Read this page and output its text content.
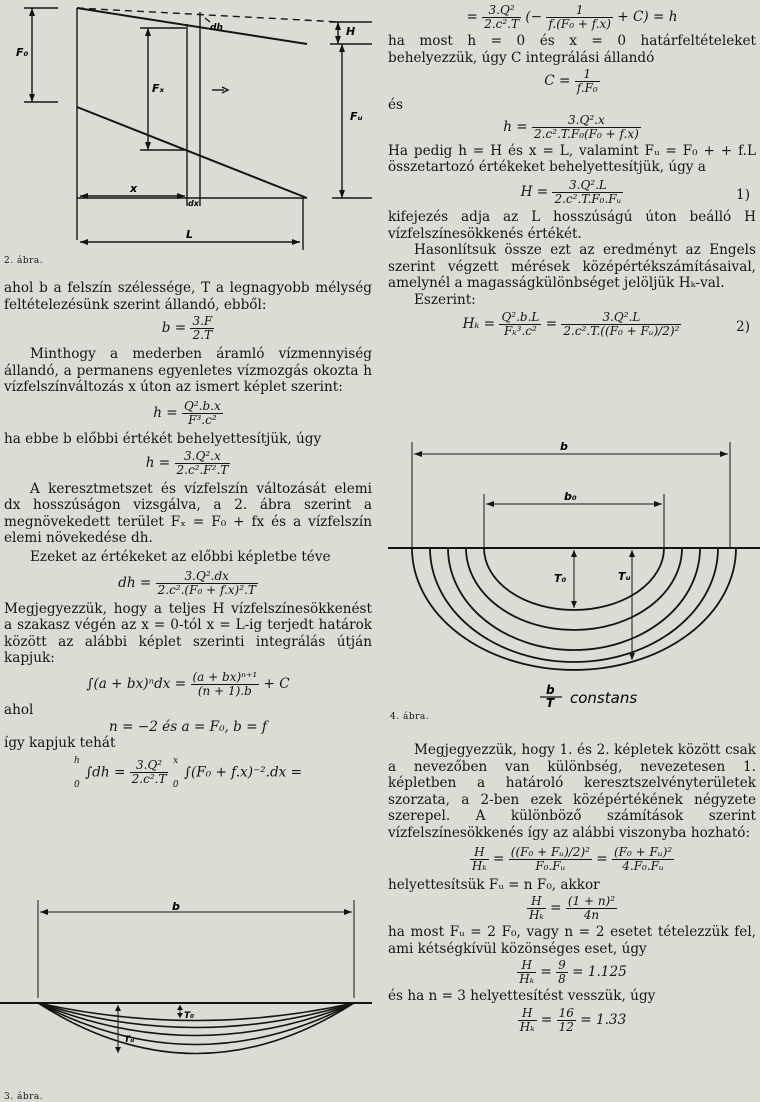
F₀
Fₓ
H
Fᵤ
x
dx
dh
L
2. ábra.

ahol b a felszín szélessége, T a legnagyobb mélység feltételezésünk szerint állandó, ebből:

$b = \frac{3.F}{2.T}$

Minthogy a mederben áramló vízmennyiség állandó, a permanens egyenletes vízmozgás okozta h vízfelszínváltozás x úton az ismert képlet szerint:

$h = \frac{\text{Q².b.x}}{\text{F³.c²}}$

ha ebbe b előbbi értékét behelyettesítjük, úgy

$h = \frac{\text{3.Q².x}}{\text{2.c².F².T}}$

A keresztmetszet és vízfelszín változását elemi dx hosszúságon vizsgálva, a 2. ábra szerint a megnövekedett terület Fₓ = F₀ + fx és a vízfelszín elemi növekedése dh.

Ezeket az értékeket az előbbi képletbe téve

dh = $\frac{\text{3.Q².dx}}{\text{2.c².(F₀ + f.x)².T}}$

Megjegyezzük, hogy a teljes H vízfelszínesökkenést a szakasz végén az x = 0-tól x = L-ig terjedt határok között az alábbi képlet szerinti integrálás útján kapjuk:

$\int(a + bx)^ndx = \frac{\text{(a + bx)ⁿ⁺¹}}{(n + 1).b} + C$

ahol

n = −2 és a = F₀, b = f

így kapjuk tehát

h
0
$\int dh = \frac{\text{3.Q²}}{\text{2.c².T}}$
x
0
∫(F₀ + f.x)⁻².dx =
b
T₀
Tᵤ
3. ábra.
= $\frac{\text{3.Q²}}{\text{2.c².T}}$ (− $\frac{1}{\text{f.(F₀ + f.x)}} + C) = h$

ha most h = 0 és x = 0 határfeltételeket behelyezzük, úgy C integrálási állandó

$C = \frac{1}{\text{f.F₀}}$

és

$h = \frac{\text{3.Q².x}}{\text{2.c².T.F₀(F₀ + f.x)}}$

Ha pedig h = H és x = L, valamint Fᵤ = F₀ + + f.L összetartozó értékeket behelyettesítjük, úgy a

$H = \frac{\text{3.Q².L}}{\text{2.c².T.F₀.Fᵤ}}$	1)

kifejezés adja az L hosszúságú úton beálló H vízfelszínesökkenés értékét.

Hasonlítsuk össze ezt az eredményt az Engels szerint végzett mérések középértékszámításaival, amelynél a magasságkülönbséget jelöljük Hₖ-val.

Eszerint:

$H_k = \frac{\text{Q².b.L}}{\text{Fₖ³.c²}} = \frac{\text{3.Q².L}}{\text{2.c².T.((F₀ + Fᵤ)/2)²}}$	2)
b
b₀
T₀	Tᵤ
b
T constans
4. ábra.

Megjegyezzük, hogy 1. és 2. képletek között csak a nevezőben van különbség, nevezetesen 1. képletben a határoló keresztszelvényterületek szorzata, a 2-ben ezek középértékének négyzete szerepel. A különböző számítások szerint vízfelszínesökkenés így az alábbi viszonyba hozható:

$\frac{H}{\text{Hₖ}} = \frac{\text{((F₀ + Fᵤ)/2)²}}{\text{F₀.Fᵤ}} = \frac{\text{(F₀ + Fᵤ)²}}{\text{4.F₀.Fᵤ}}$

helyettesítsük Fᵤ = n F₀, akkor

$\frac{H}{\text{Hₖ}} = \frac{\text{(1 + n)²}}{4n}$

ha most Fᵤ = 2 F₀, vagy n = 2 esetet tételezzük fel, ami kétségkívül közönséges eset, úgy

$\frac{H}{\text{Hₖ}} = \frac{9}{8} = 1.125$

és ha n = 3 helyettesítést vesszük, úgy

$\frac{H}{\text{Hₖ}} = \frac{16}{12} = 1.33$
